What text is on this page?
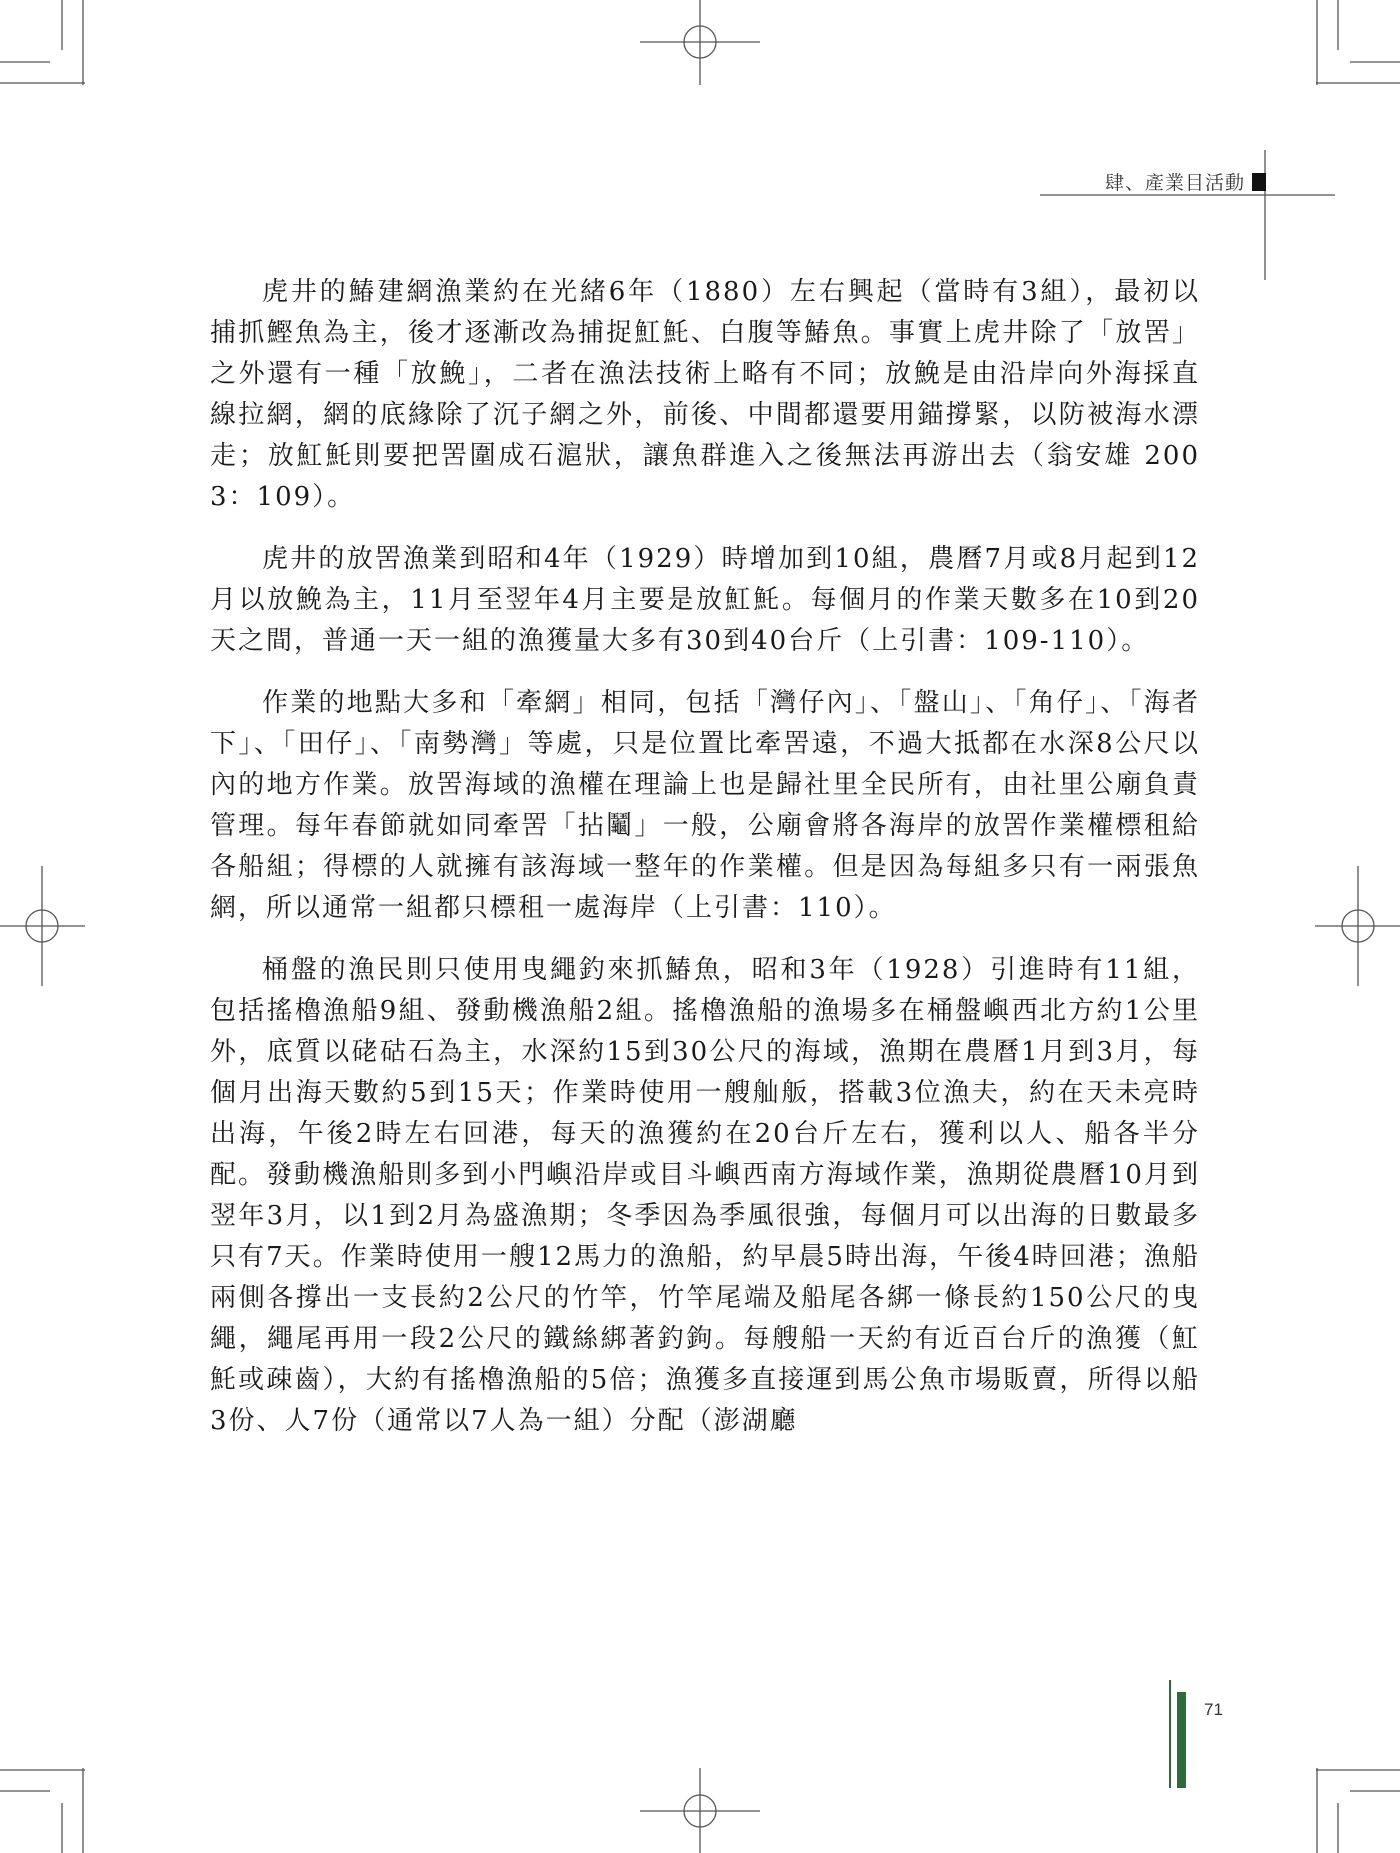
肆、產業目活動

虎井的鰆建網漁業約在光緒6年（1880）左右興起（當時有3組），最初以捕抓鰹魚為主，後才逐漸改為捕捉魟魠、白腹等鰆魚。事實上虎井除了「放罟」之外還有一種「放鮸」，二者在漁法技術上略有不同；放鮸是由沿岸向外海採直線拉網，網的底緣除了沉子網之外，前後、中間都還要用錨撐緊，以防被海水漂走；放魟魠則要把罟圍成石滬狀，讓魚群進入之後無法再游出去（翁安雄 2003：109）。

虎井的放罟漁業到昭和4年（1929）時增加到10組，農曆7月或8月起到12月以放鮸為主，11月至翌年4月主要是放魟魠。每個月的作業天數多在10到20天之間，普通一天一組的漁獲量大多有30到40台斤（上引書：109-110）。

作業的地點大多和「牽網」相同，包括「灣仔內」、「盤山」、「角仔」、「海者下」、「田仔」、「南勢灣」等處，只是位置比牽罟遠，不過大抵都在水深8公尺以內的地方作業。放罟海域的漁權在理論上也是歸社里全民所有，由社里公廟負責管理。每年春節就如同牽罟「拈鬮」一般，公廟會將各海岸的放罟作業權標租給各船組；得標的人就擁有該海域一整年的作業權。但是因為每組多只有一兩張魚網，所以通常一組都只標租一處海岸（上引書：110）。

桶盤的漁民則只使用曳繩釣來抓鰆魚，昭和3年（1928）引進時有11組，包括搖櫓漁船9組、發動機漁船2組。搖櫓漁船的漁場多在桶盤嶼西北方約1公里外，底質以硓𥑮石為主，水深約15到30公尺的海域，漁期在農曆1月到3月，每個月出海天數約5到15天；作業時使用一艘舢舨，搭載3位漁夫，約在天未亮時出海，午後2時左右回港，每天的漁獲約在20台斤左右，獲利以人、船各半分配。發動機漁船則多到小門嶼沿岸或目斗嶼西南方海域作業，漁期從農曆10月到翌年3月，以1到2月為盛漁期；冬季因為季風很強，每個月可以出海的日數最多只有7天。作業時使用一艘12馬力的漁船，約早晨5時出海，午後4時回港；漁船兩側各撐出一支長約2公尺的竹竿，竹竿尾端及船尾各綁一條長約150公尺的曳繩，繩尾再用一段2公尺的鐵絲綁著釣鉤。每艘船一天約有近百台斤的漁獲（魟魠或疎齒），大約有搖櫓漁船的5倍；漁獲多直接運到馬公魚市場販賣，所得以船3份、人7份（通常以7人為一組）分配（澎湖廳

71
